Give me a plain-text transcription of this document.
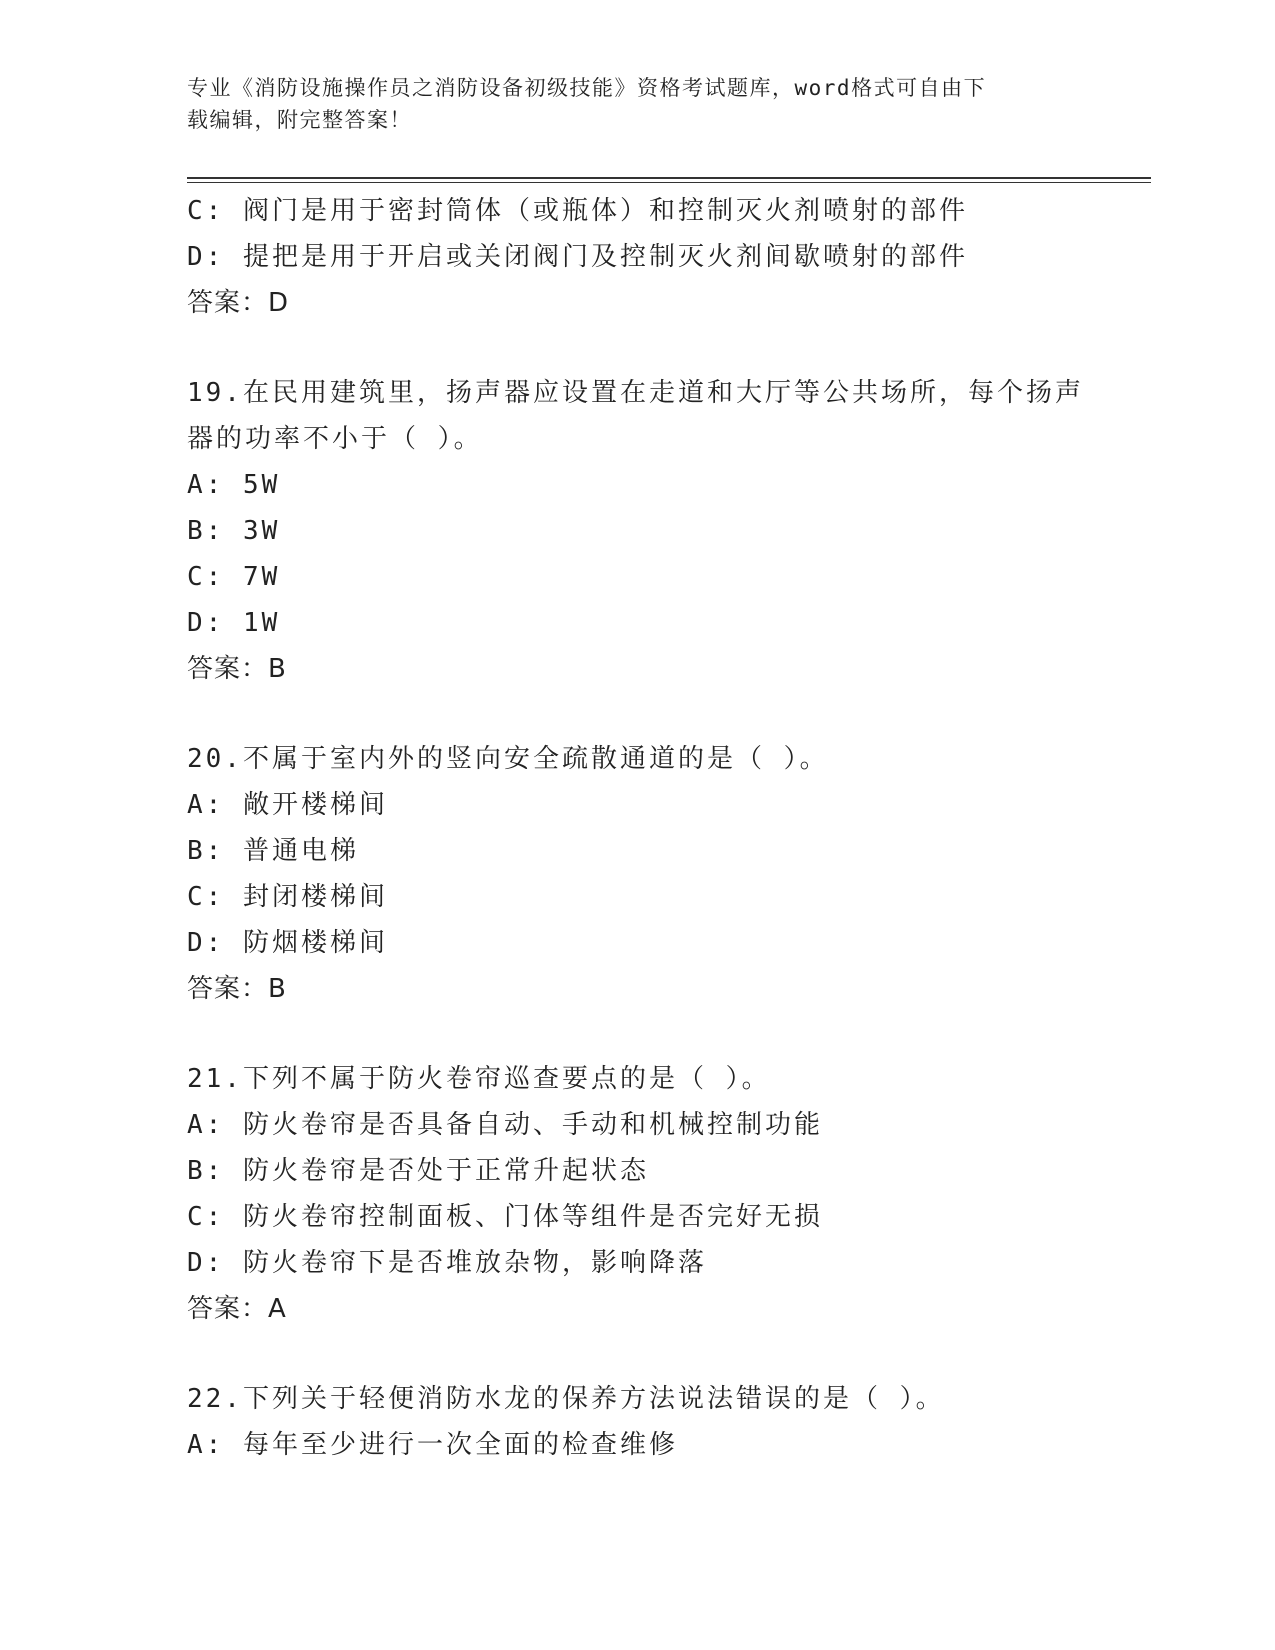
专业《消防设施操作员之消防设备初级技能》资格考试题库，word格式可自由下
载编辑，附完整答案！
C: 阀门是用于密封筒体（或瓶体）和控制灭火剂喷射的部件
D: 提把是用于开启或关闭阀门及控制灭火剂间歇喷射的部件
答案：D
19.在民用建筑里，扬声器应设置在走道和大厅等公共场所，每个扬声
器的功率不小于（ ）。
A: 5W
B: 3W
C: 7W
D: 1W
答案：B
20.不属于室内外的竖向安全疏散通道的是（ ）。
A: 敞开楼梯间
B: 普通电梯
C: 封闭楼梯间
D: 防烟楼梯间
答案：B
21.下列不属于防火卷帘巡查要点的是（ ）。
A: 防火卷帘是否具备自动、手动和机械控制功能
B: 防火卷帘是否处于正常升起状态
C: 防火卷帘控制面板、门体等组件是否完好无损
D: 防火卷帘下是否堆放杂物，影响降落
答案：A
22.下列关于轻便消防水龙的保养方法说法错误的是（ ）。
A: 每年至少进行一次全面的检查维修
